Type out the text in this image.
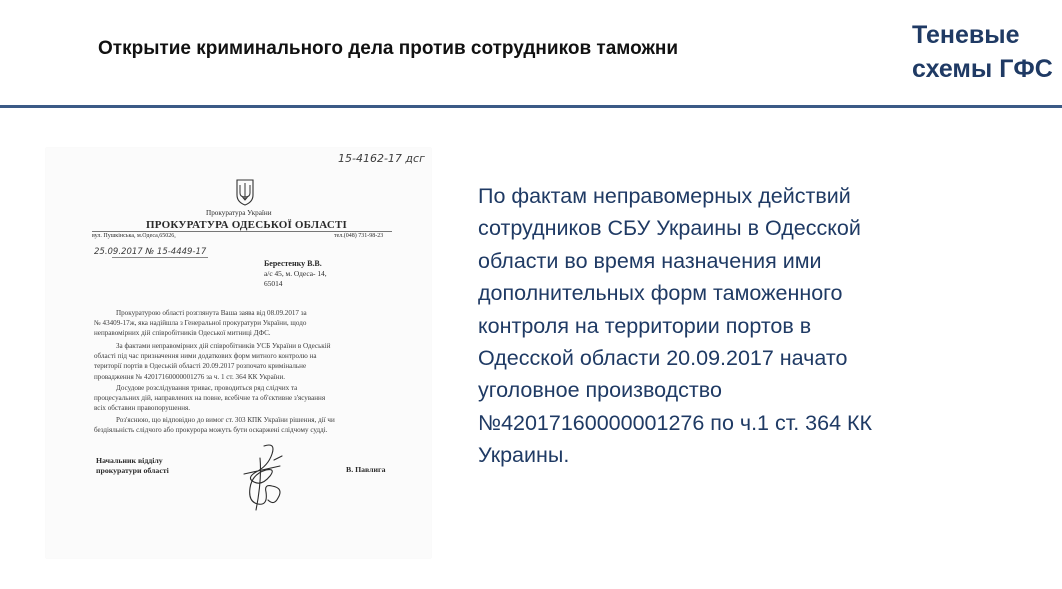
Открытие криминального дела против сотрудников таможни	Теневые
схемы ГФС
15-4162-17 дсг
Прокуратура України
ПРОКУРАТУРА ОДЕСЬКОЇ ОБЛАСТІ
вул. Пушкінська, м.Одеса,65026,	тел.(048) 731-98-23
25.09.2017 № 15-4449-17
Берестенку В.В.
а/с 45, м. Одеса- 14,
65014
Прокуратурою області розглянута Ваша заява від 08.09.2017 за
№ 43409-17ж, яка надійшла з Генеральної прокуратури України, щодо
неправомірних дій співробітників Одеської митниці ДФС.
За фактами неправомірних дій співробітників УСБ України в Одеській
області під час призначення ними додаткових форм митного контролю на
території портів в Одеській області 20.09.2017 розпочато кримінальне
провадження № 42017160000001276 за ч. 1 ст. 364 КК України.
Досудове розслідування триває, проводиться ряд слідчих та
процесуальних дій, направлених на повне, всебічне та об'єктивне з'ясування
всіх обставин правопорушення.
Роз'яснюю, що відповідно до вимог ст. 303 КПК України рішення, дії чи
бездіяльність слідчого або прокурора можуть бути оскаржені слідчому судді.
Начальник відділу
прокуратури області	В. Павлига
По фактам неправомерных действий
сотрудников СБУ Украины в Одесской
области во время назначения ими
дополнительных форм таможенного
контроля на территории портов в
Одесской области 20.09.2017 начато
уголовное производство
№42017160000001276 по ч.1 ст. 364 КК
Украины.
